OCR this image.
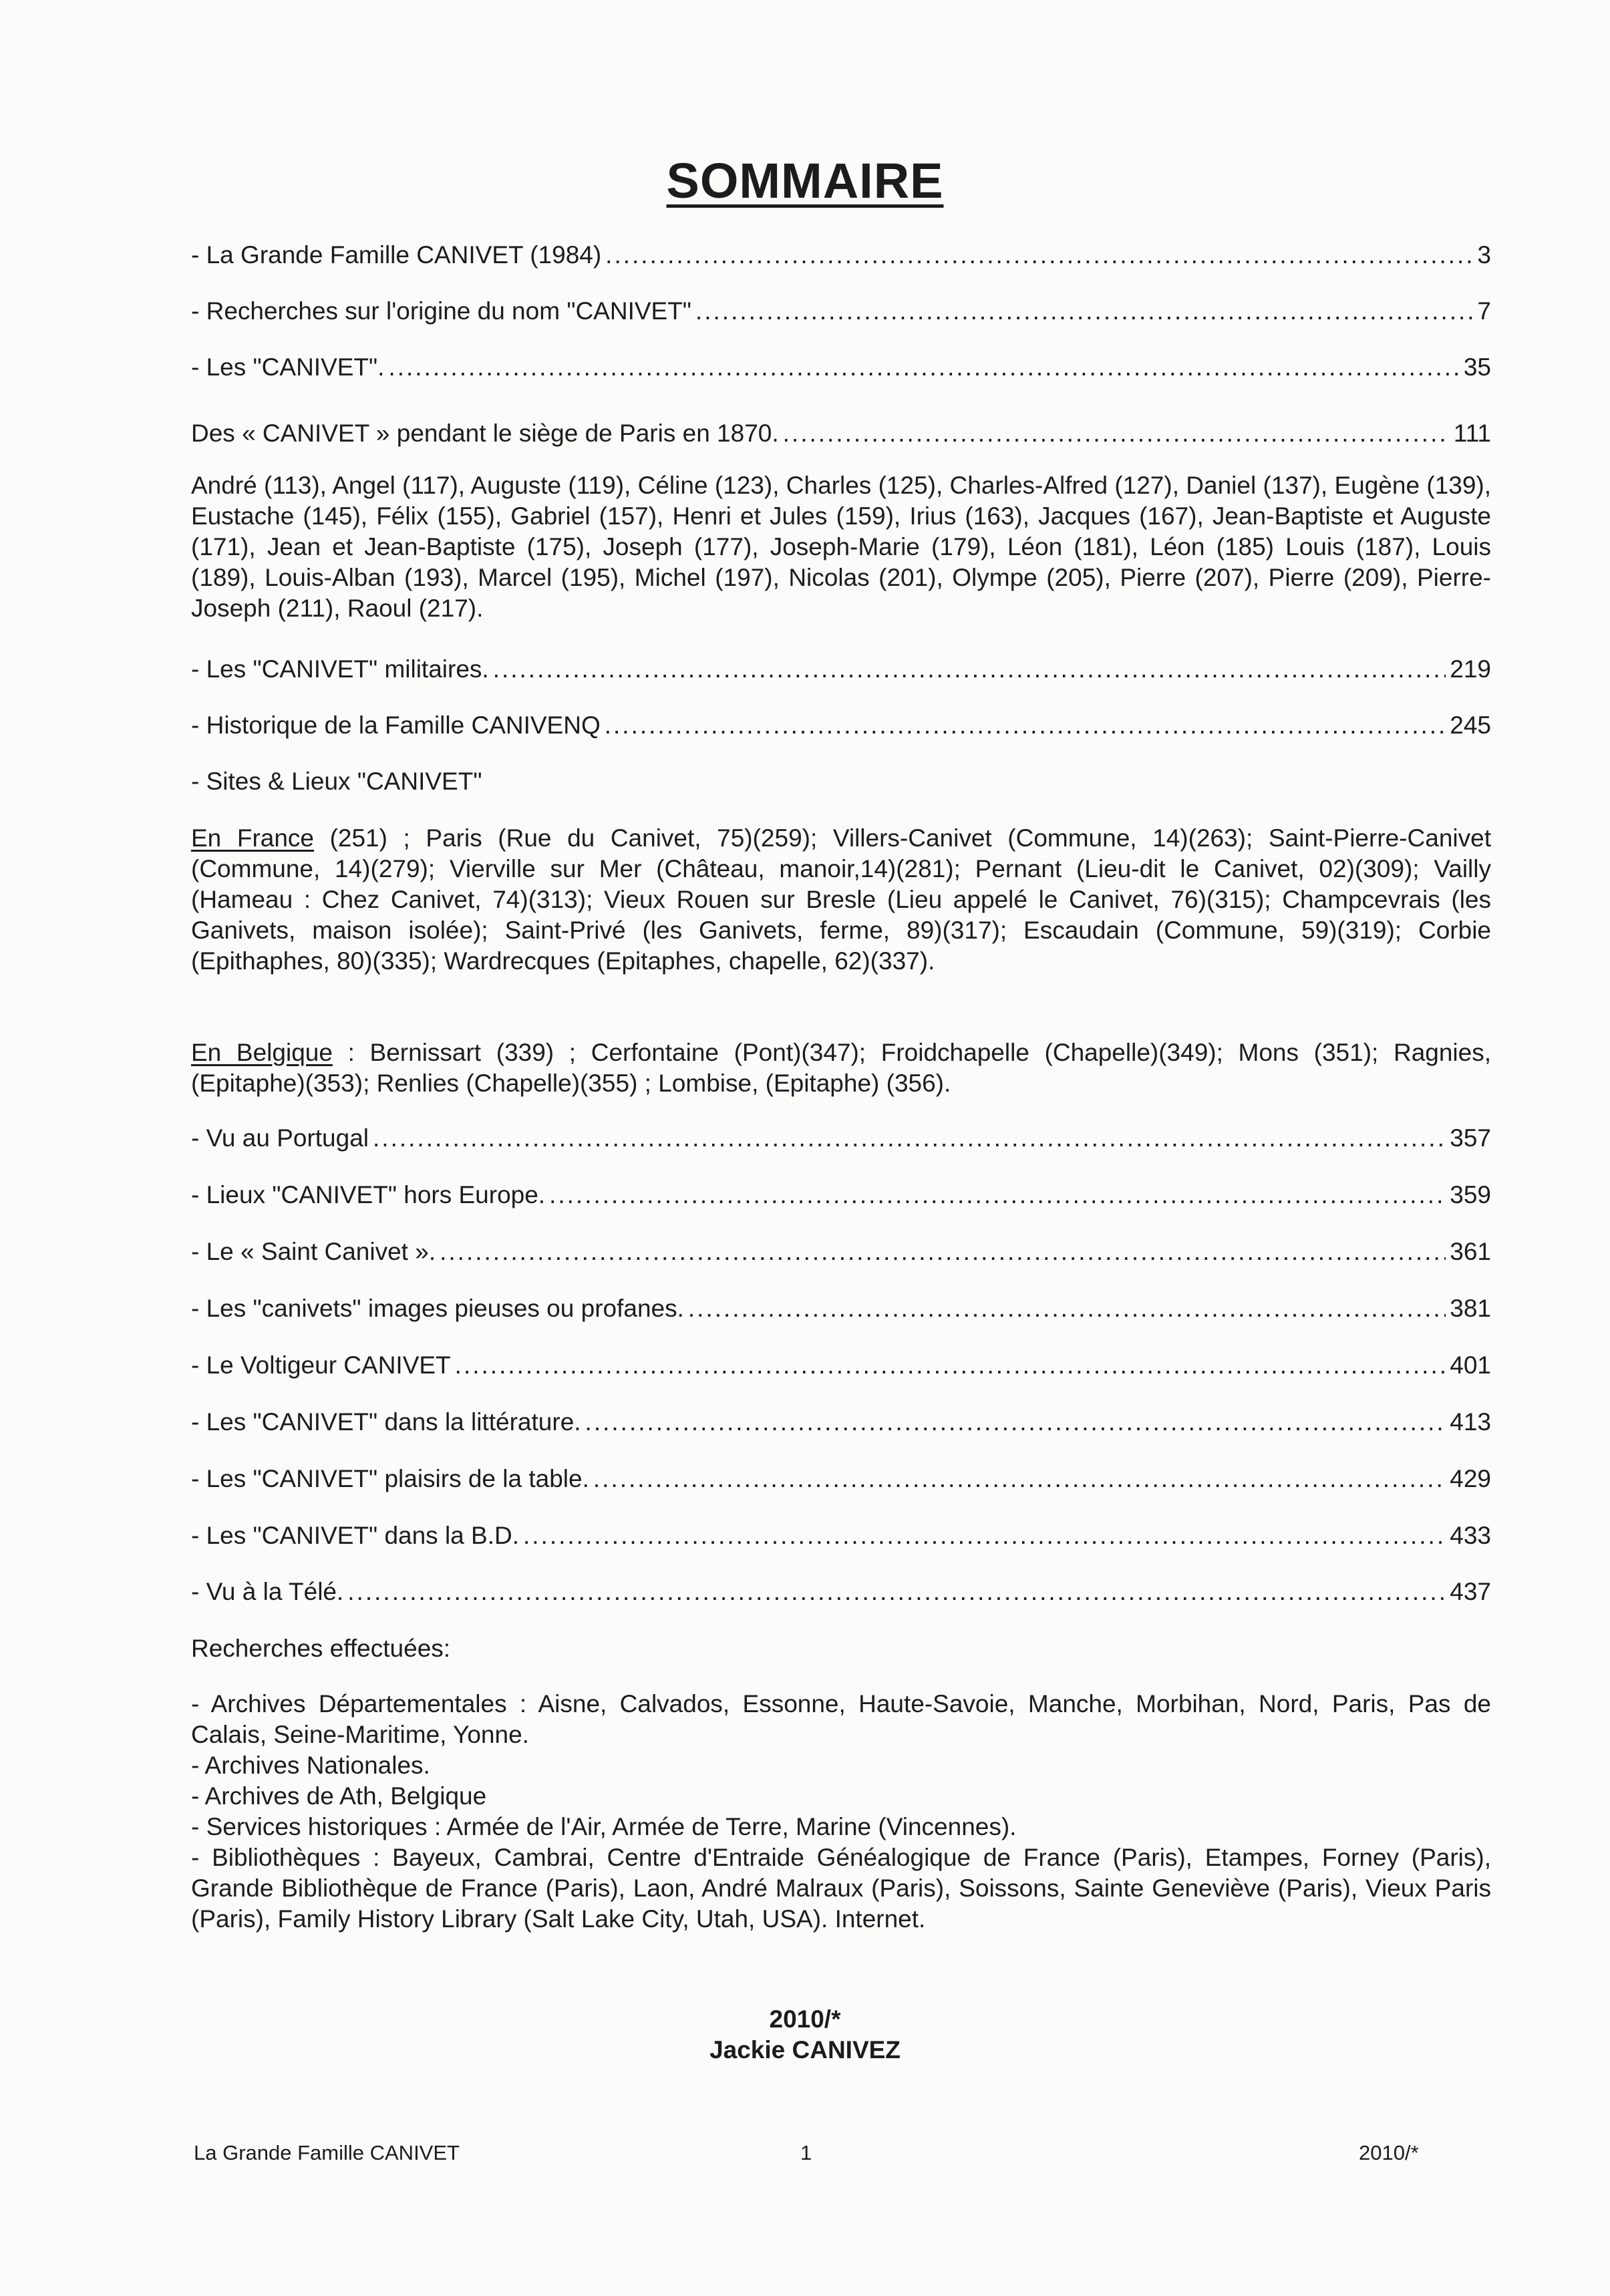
SOMMAIRE
- La Grande Famille CANIVET (1984) .....	3
- Recherches sur l'origine du nom "CANIVET" .....	7
- Les "CANIVET". .....	35
Des « CANIVET » pendant le siège de Paris en 1870. .....	111
André (113), Angel (117), Auguste (119), Céline (123), Charles (125), Charles-Alfred (127), Daniel (137), Eugène (139), Eustache (145), Félix (155), Gabriel (157), Henri et Jules (159), Irius (163), Jacques (167), Jean-Baptiste et Auguste (171), Jean et Jean-Baptiste (175), Joseph (177), Joseph-Marie (179), Léon (181), Léon (185) Louis (187), Louis (189), Louis-Alban (193), Marcel (195), Michel (197), Nicolas (201), Olympe (205), Pierre (207), Pierre (209), Pierre-Joseph (211), Raoul (217).
- Les "CANIVET" militaires. .....	219
- Historique de la Famille CANIVENQ .....	245
- Sites & Lieux "CANIVET"
En France (251) ; Paris (Rue du Canivet, 75)(259); Villers-Canivet (Commune, 14)(263); Saint-Pierre-Canivet (Commune, 14)(279); Vierville sur Mer (Château, manoir,14)(281); Pernant (Lieu-dit le Canivet, 02)(309); Vailly (Hameau : Chez Canivet, 74)(313); Vieux Rouen sur Bresle (Lieu appelé le Canivet, 76)(315); Champcevrais (les Ganivets, maison isolée); Saint-Privé (les Ganivets, ferme, 89)(317); Escaudain (Commune, 59)(319); Corbie (Epithaphes, 80)(335); Wardrecques (Epitaphes, chapelle, 62)(337).
En Belgique : Bernissart (339) ; Cerfontaine (Pont)(347); Froidchapelle (Chapelle)(349); Mons (351); Ragnies, (Epitaphe)(353); Renlies (Chapelle)(355) ; Lombise, (Epitaphe) (356).
- Vu au Portugal .....	357
- Lieux "CANIVET" hors Europe. .....	359
- Le « Saint Canivet ». .....	361
- Les "canivets" images pieuses ou profanes. .....	381
- Le Voltigeur CANIVET .....	401
- Les "CANIVET" dans la littérature. .....	413
- Les "CANIVET" plaisirs de la table. .....	429
- Les "CANIVET" dans la B.D. .....	433
- Vu à la Télé. .....	437
Recherches effectuées:
- Archives Départementales : Aisne, Calvados, Essonne, Haute-Savoie, Manche, Morbihan, Nord, Paris, Pas de Calais, Seine-Maritime, Yonne.
- Archives Nationales.
- Archives de Ath, Belgique
- Services historiques : Armée de l'Air, Armée de Terre, Marine (Vincennes).
- Bibliothèques : Bayeux, Cambrai, Centre d'Entraide Généalogique de France (Paris), Etampes, Forney (Paris), Grande Bibliothèque de France (Paris), Laon, André Malraux (Paris), Soissons, Sainte Geneviève (Paris), Vieux Paris (Paris), Family History Library (Salt Lake City, Utah, USA). Internet.
2010/*
Jackie CANIVEZ
La Grande Famille CANIVET	1	2010/*
